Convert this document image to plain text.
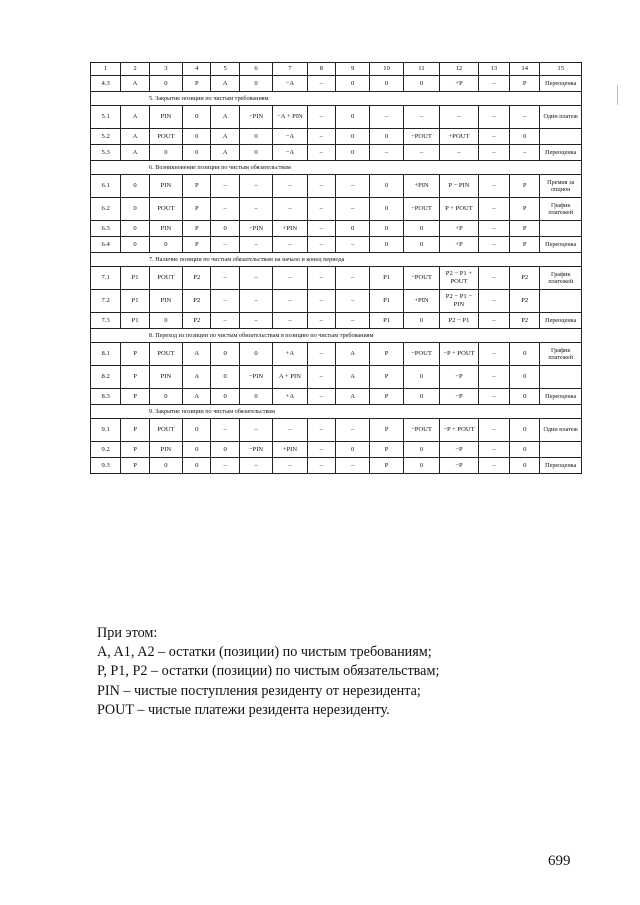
1	2	3	4	5	6	7	8	9	10	11	12	13	14	15
4.3	A	0	P	A	0	−A	–	0	0	0	+P	–	P	Переоценка
5. Закрытие позиции по чистым требованиям														
5.1	A	PIN	0	A	−PIN	−A + PIN	–	0	–	–	–	–	–	Один платеж
5.2	A	POUT	0	A	0	−A	–	0	0	−POUT	+POUT	–	0	
5.3	A	0	0	A	0	−A	–	0	–	–	–	–	–	Переоценка
6. Возникновение позиции по чистым обязательствам														
6.1	0	PIN	P	–	–	–	–	–	0	+PIN	P − PIN	–	P	Премия за опцион
6.2	0	POUT	P	–	–	–	–	–	0	−POUT	P + POUT	–	P	График платежей
6.3	0	PIN	P	0	−PIN	+PIN	–	0	0	0	+P	–	P	
6.4	0	0	P	–	–	–	–	–	0	0	+P	–	P	Переоценка
7. Наличие позиции по чистым обязательствам на начало и конец периода														
7.1	P1	POUT	P2	–	–	–	–	–	P1	−POUT	P2 − P1 + POUT	–	P2	График платежей
7.2	P1	PIN	P2	–	–	–	–	–	P1	+PIN	P2 − P1 − PIN	–	P2	
7.3	P1	0	P2	–	–	–	–	–	P1	0	P2 − P1	–	P2	Переоценка
8. Переход из позиции по чистым обязательствам в позицию по чистым требованиям														
8.1	P	POUT	A	0	0	+A	–	A	P	−POUT	−P + POUT	–	0	График платежей
8.2	P	PIN	A	0	−PIN	A + PIN	–	A	P	0	−P	–	0	
8.3	P	0	A	0	0	+A	–	A	P	0	−P	–	0	Переоценка
9. Закрытие позиции по чистым обязательствам														
9.1	P	POUT	0	–	–	–	–	–	P	−POUT	−P + POUT	–	0	Один платеж
9.2	P	PIN	0	0	−PIN	+PIN	–	0	P	0	−P	–	0	
9.3	P	0	0	–	–	–	–	–	P	0	−P	–	0	Переоценка
При этом:
A, A1, A2 – остатки (позиции) по чистым требованиям;
P, P1, P2 – остатки (позиции) по чистым обязательствам;
PIN – чистые поступления резиденту от нерезидента;
POUT – чистые платежи резидента нерезиденту.
699
